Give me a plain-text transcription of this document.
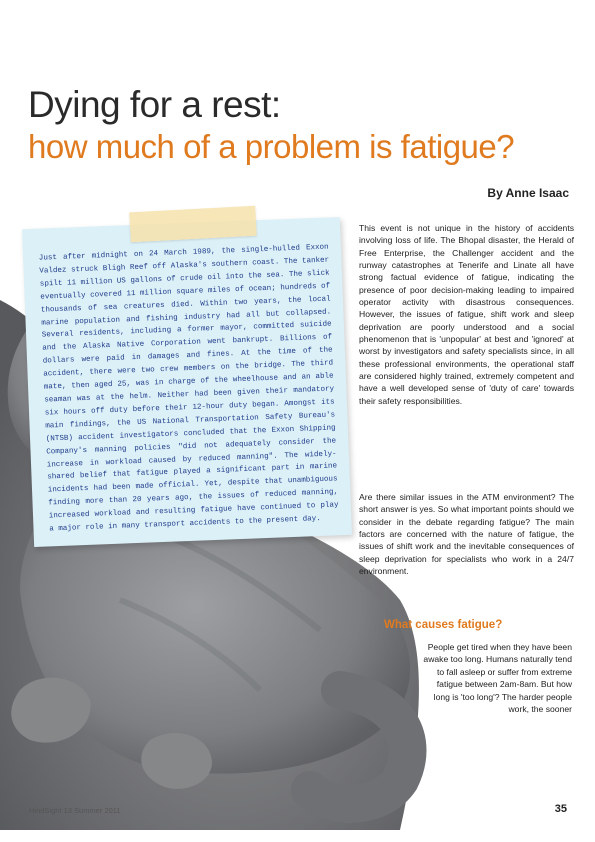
Dying for a rest:
how much of a problem is fatigue?
By Anne Isaac

Just after midnight on 24 March 1989, the single-hulled Exxon Valdez struck Bligh Reef off Alaska's southern coast. The tanker spilt 11 million US gallons of crude oil into the sea. The slick eventually covered 11 million square miles of ocean; hundreds of thousands of sea creatures died. Within two years, the local marine population and fishing industry had all but collapsed. Several residents, including a former mayor, committed suicide and the Alaska Native Corporation went bankrupt. Billions of dollars were paid in damages and fines. At the time of the accident, there were two crew members on the bridge. The third mate, then aged 25, was in charge of the wheelhouse and an able seaman was at the helm. Neither had been given their mandatory six hours off duty before their 12-hour duty began. Amongst its main findings, the US National Transportation Safety Bureau's (NTSB) accident investigators concluded that the Exxon Shipping Company's manning policies "did not adequately consider the increase in workload caused by reduced manning". The widely-shared belief that fatigue played a significant part in marine incidents had been made official. Yet, despite that unambiguous finding more than 20 years ago, the issues of reduced manning, increased workload and resulting fatigue have continued to play a major role in many transport accidents to the present day.

This event is not unique in the history of accidents involving loss of life. The Bhopal disaster, the Herald of Free Enterprise, the Challenger accident and the runway catastrophes at Tenerife and Linate all have strong factual evidence of fatigue, indicating the presence of poor decision-making leading to impaired operator activity with disastrous consequences. However, the issues of fatigue, shift work and sleep deprivation are poorly understood and a social phenomenon that is 'unpopular' at best and 'ignored' at worst by investigators and safety specialists since, in all these professional environments, the operational staff are considered highly trained, extremely competent and have a well developed sense of 'duty of care' towards their safety responsibilities.

Are there similar issues in the ATM environment? The short answer is yes. So what important points should we consider in the debate regarding fatigue? The main factors are concerned with the nature of fatigue, the issues of shift work and the inevitable consequences of sleep deprivation for specialists who work in a 24/7 environment.

What causes fatigue?

People get tired when they have been awake too long. Humans naturally tend to fall asleep or suffer from extreme fatigue between 2am-8am. But how long is 'too long'? The harder people work, the sooner

HindSight 13 Summer 2011	35
